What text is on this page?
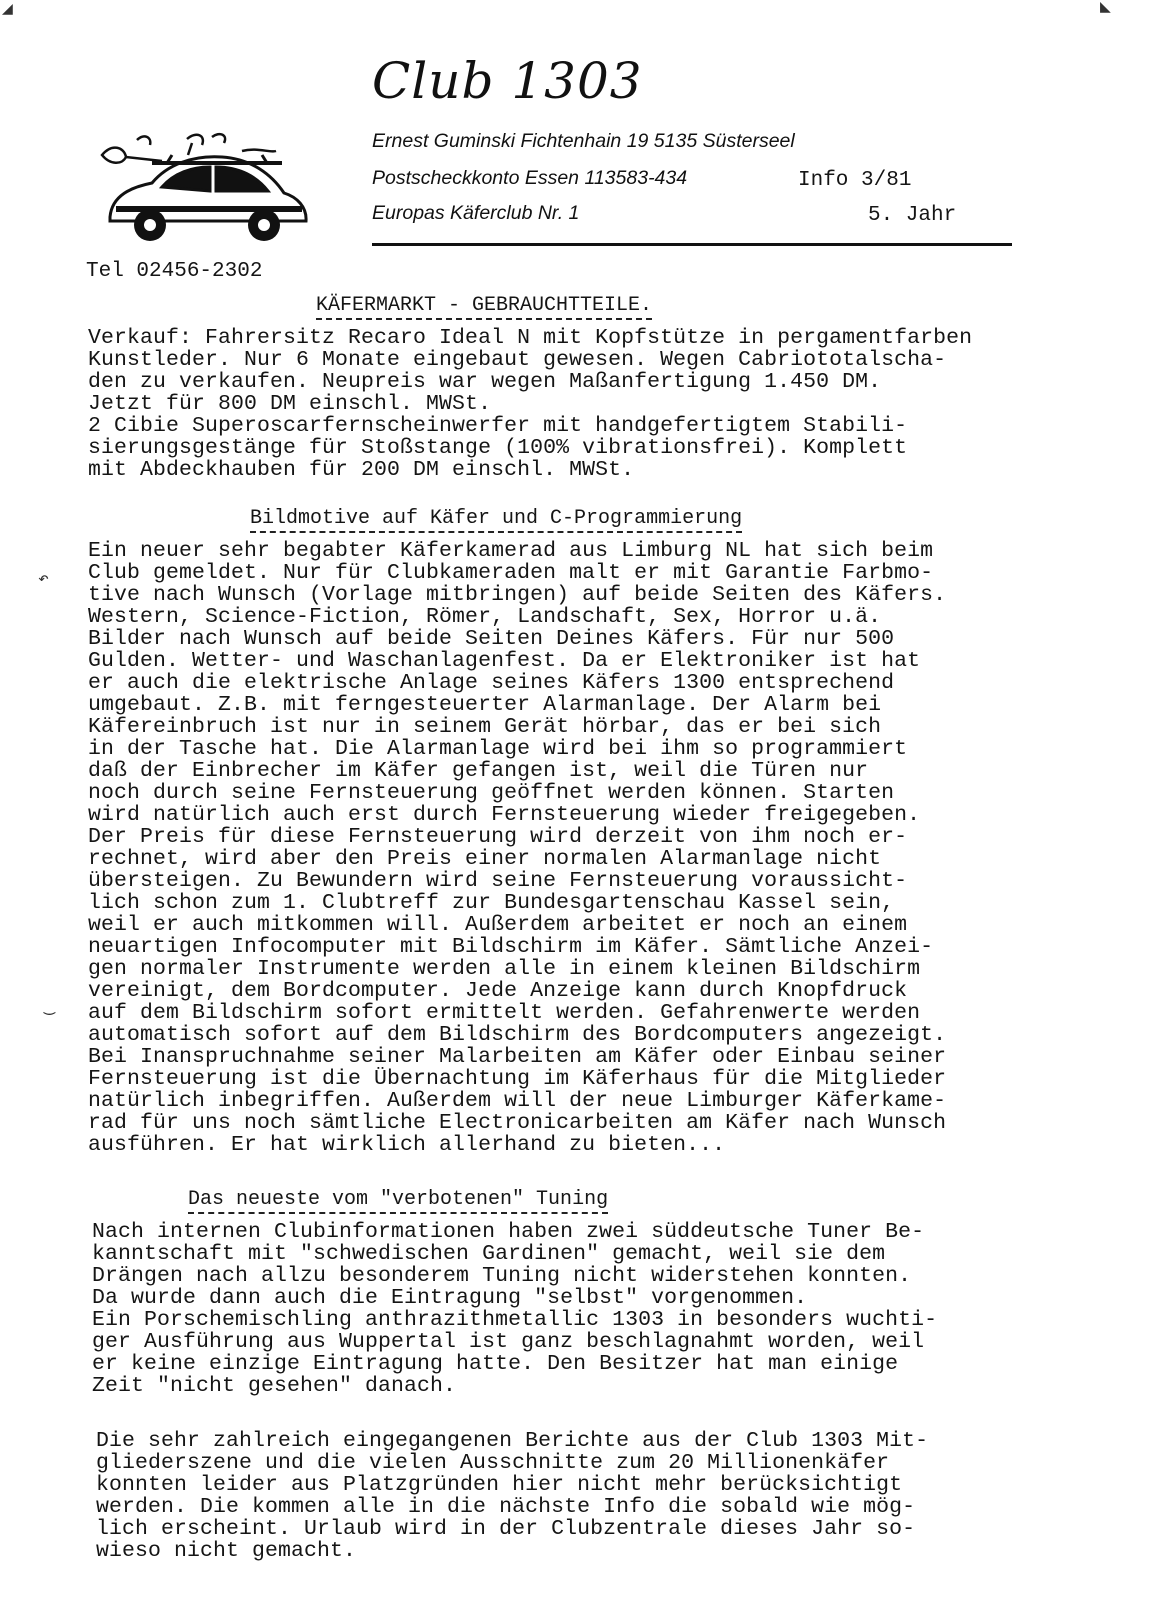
Club 1303
Ernest Guminski Fichtenhain 19 5135 Süsterseel
Postscheckkonto Essen 113583-434	Info 3/81
Europas Käferclub Nr. 1	5. Jahr
Tel 02456-2302
KÄFERMARKT - GEBRAUCHTTEILE.
Verkauf: Fahrersitz Recaro Ideal N mit Kopfstütze in pergamentfarben
Kunstleder. Nur 6 Monate eingebaut gewesen. Wegen Cabriototalscha-
den zu verkaufen. Neupreis war wegen Maßanfertigung 1.450 DM.
Jetzt für 800 DM einschl. MWSt.
2 Cibie Superoscarfernscheinwerfer mit handgefertigtem Stabili-
sierungsgestänge für Stoßstange (100% vibrationsfrei). Komplett
mit Abdeckhauben für 200 DM einschl. MWSt.
Bildmotive auf Käfer und C-Programmierung
Ein neuer sehr begabter Käferkamerad aus Limburg NL hat sich beim
Club gemeldet. Nur für Clubkameraden malt er mit Garantie Farbmo-
tive nach Wunsch (Vorlage mitbringen) auf beide Seiten des Käfers.
Western, Science-Fiction, Römer, Landschaft, Sex, Horror u.ä.
Bilder nach Wunsch auf beide Seiten Deines Käfers. Für nur 500
Gulden. Wetter- und Waschanlagenfest. Da er Elektroniker ist hat
er auch die elektrische Anlage seines Käfers 1300 entsprechend
umgebaut. Z.B. mit ferngesteuerter Alarmanlage. Der Alarm bei
Käfereinbruch ist nur in seinem Gerät hörbar, das er bei sich
in der Tasche hat. Die Alarmanlage wird bei ihm so programmiert
daß der Einbrecher im Käfer gefangen ist, weil die Türen nur
noch durch seine Fernsteuerung geöffnet werden können. Starten
wird natürlich auch erst durch Fernsteuerung wieder freigegeben.
Der Preis für diese Fernsteuerung wird derzeit von ihm noch er-
rechnet, wird aber den Preis einer normalen Alarmanlage nicht
übersteigen. Zu Bewundern wird seine Fernsteuerung voraussicht-
lich schon zum 1. Clubtreff zur Bundesgartenschau Kassel sein,
weil er auch mitkommen will. Außerdem arbeitet er noch an einem
neuartigen Infocomputer mit Bildschirm im Käfer. Sämtliche Anzei-
gen normaler Instrumente werden alle in einem kleinen Bildschirm
vereinigt, dem Bordcomputer. Jede Anzeige kann durch Knopfdruck
auf dem Bildschirm sofort ermittelt werden. Gefahrenwerte werden
automatisch sofort auf dem Bildschirm des Bordcomputers angezeigt.
Bei Inanspruchnahme seiner Malarbeiten am Käfer oder Einbau seiner
Fernsteuerung ist die Übernachtung im Käferhaus für die Mitglieder
natürlich inbegriffen. Außerdem will der neue Limburger Käferkame-
rad für uns noch sämtliche Electronicarbeiten am Käfer nach Wunsch
ausführen. Er hat wirklich allerhand zu bieten...
Das neueste vom "verbotenen" Tuning
Nach internen Clubinformationen haben zwei süddeutsche Tuner Be-
kanntschaft mit "schwedischen Gardinen" gemacht, weil sie dem
Drängen nach allzu besonderem Tuning nicht widerstehen konnten.
Da wurde dann auch die Eintragung "selbst" vorgenommen.
Ein Porschemischling anthrazithmetallic 1303 in besonders wuchti-
ger Ausführung aus Wuppertal ist ganz beschlagnahmt worden, weil
er keine einzige Eintragung hatte. Den Besitzer hat man einige
Zeit "nicht gesehen" danach.
Die sehr zahlreich eingegangenen Berichte aus der Club 1303 Mit-
gliederszene und die vielen Ausschnitte zum 20 Millionenkäfer
konnten leider aus Platzgründen hier nicht mehr berücksichtigt
werden. Die kommen alle in die nächste Info die sobald wie mög-
lich erscheint. Urlaub wird in der Clubzentrale dieses Jahr so-
wieso nicht gemacht.
◢	◣
↶
‿
